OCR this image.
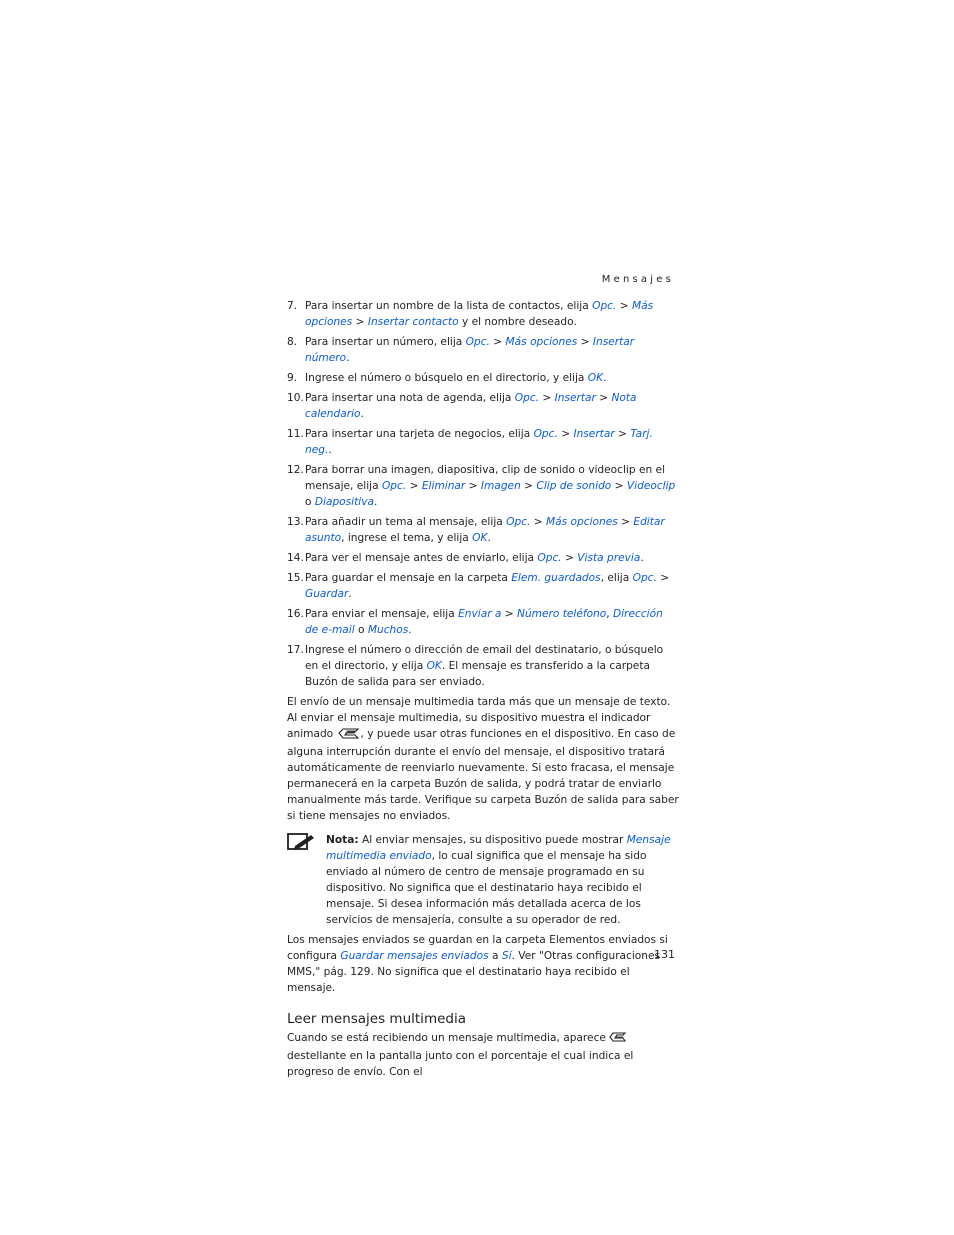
Mensajes
7. Para insertar un nombre de la lista de contactos, elija Opc. > Más opciones > Insertar contacto y el nombre deseado.
8. Para insertar un número, elija Opc. > Más opciones > Insertar número.
9. Ingrese el número o búsquelo en el directorio, y elija OK.
10. Para insertar una nota de agenda, elija Opc. > Insertar > Nota calendario.
11. Para insertar una tarjeta de negocios, elija Opc. > Insertar > Tarj. neg..
12. Para borrar una imagen, diapositiva, clip de sonido o videoclip en el mensaje, elija Opc. > Eliminar > Imagen > Clip de sonido > Videoclip o Diapositiva.
13. Para añadir un tema al mensaje, elija Opc. > Más opciones > Editar asunto, ingrese el tema, y elija OK.
14. Para ver el mensaje antes de enviarlo, elija Opc. > Vista previa.
15. Para guardar el mensaje en la carpeta Elem. guardados, elija Opc. > Guardar.
16. Para enviar el mensaje, elija Enviar a > Número teléfono, Dirección de e-mail o Muchos.
17. Ingrese el número o dirección de email del destinatario, o búsquelo en el directorio, y elija OK. El mensaje es transferido a la carpeta Buzón de salida para ser enviado.

El envío de un mensaje multimedia tarda más que un mensaje de texto. Al enviar el mensaje multimedia, su dispositivo muestra el indicador animado , y puede usar otras funciones en el dispositivo. En caso de alguna interrupción durante el envío del mensaje, el dispositivo tratará automáticamente de reenviarlo nuevamente. Si esto fracasa, el mensaje permanecerá en la carpeta Buzón de salida, y podrá tratar de enviarlo manualmente más tarde. Verifique su carpeta Buzón de salida para saber si tiene mensajes no enviados.

Nota: Al enviar mensajes, su dispositivo puede mostrar Mensaje multimedia enviado, lo cual significa que el mensaje ha sido enviado al número de centro de mensaje programado en su dispositivo. No significa que el destinatario haya recibido el mensaje. Si desea información más detallada acerca de los servicios de mensajería, consulte a su operador de red.

Los mensajes enviados se guardan en la carpeta Elementos enviados si configura Guardar mensajes enviados a Sí. Ver "Otras configuraciones MMS," pág. 129. No significa que el destinatario haya recibido el mensaje.

Leer mensajes multimedia

Cuando se está recibiendo un mensaje multimedia, aparece destellante en la pantalla junto con el porcentaje el cual indica el progreso de envío. Con el

131
